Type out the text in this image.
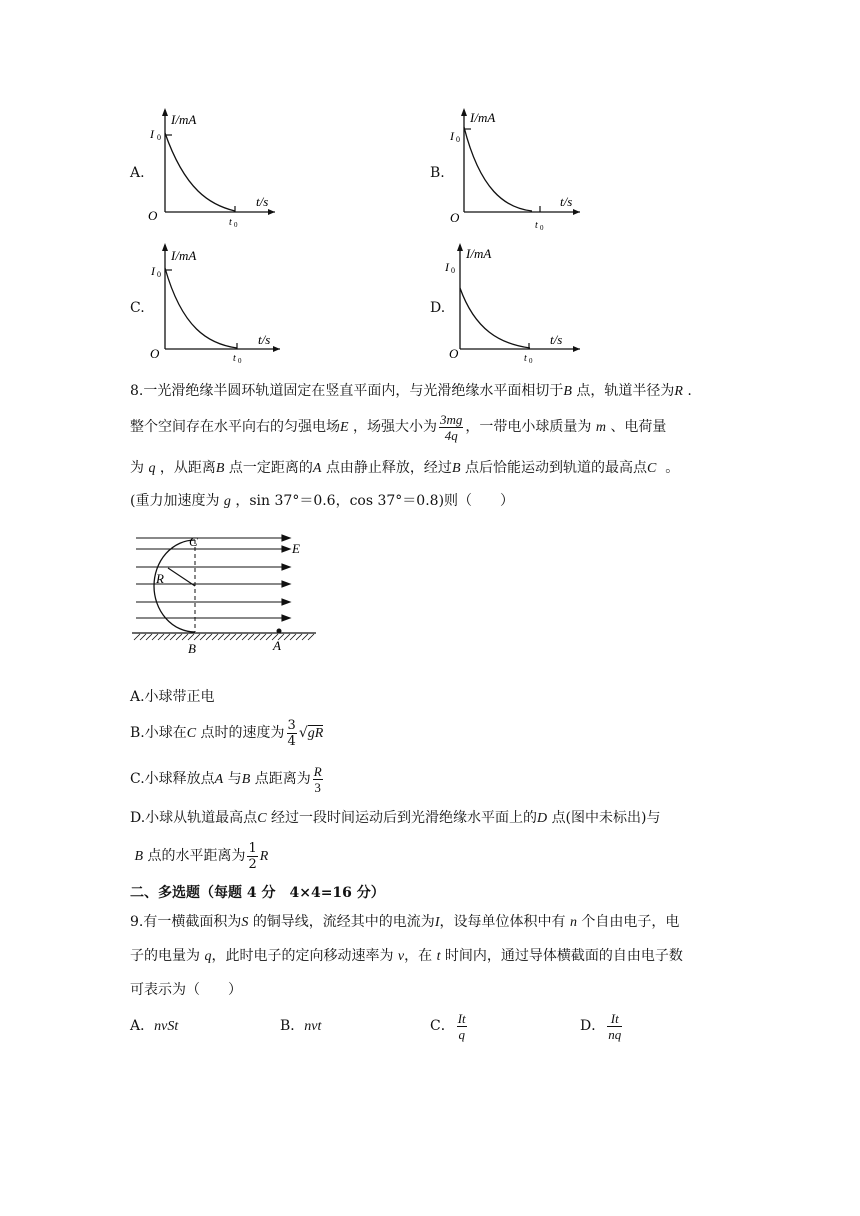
A.	B.
C.	D.
I/mA
I 0
O
t/s
t 0
I/mA
I 0
O
t/s
t 0
I/mA
I 0
O
t/s
t 0
I/mA
I 0
O
t/s
t 0
8.一光滑绝缘半圆环轨道固定在竖直平面内，与光滑绝缘水平面相切于B 点，轨道半径为R .
整个空间存在水平向右的匀强电场E ，场强大小为 $\frac{3mg}{4q}$ ，一带电小球质量为 m 、电荷量
为 q ，从距离B 点一定距离的A 点由静止释放，经过B 点后恰能运动到轨道的最高点C 。
(重力加速度为 g ，sin 37°＝0.6，cos 37°＝0.8)则（　　）
C	E
R
B	A
A.小球带正电
B.小球在C 点时的速度为 $\frac{3}{4} √gR$
C.小球释放点A 与B 点距离为 $\frac{R}{3}$
D.小球从轨道最高点C 经过一段时间运动后到光滑绝缘水平面上的D 点(图中未标出)与
B 点的水平距离为 $\frac{1}{2}$ R
二、多选题（每题 4 分　4×4=16 分）
9.有一横截面积为S 的铜导线，流经其中的电流为I，设每单位体积中有 n 个自由电子，电
子的电量为 q，此时电子的定向移动速率为 v，在 t 时间内，通过导体横截面的自由电子数
可表示为（　　）
A．nvSt	B．nvt	C． $\frac{It}{q}$	D． $\frac{It}{nq}$
